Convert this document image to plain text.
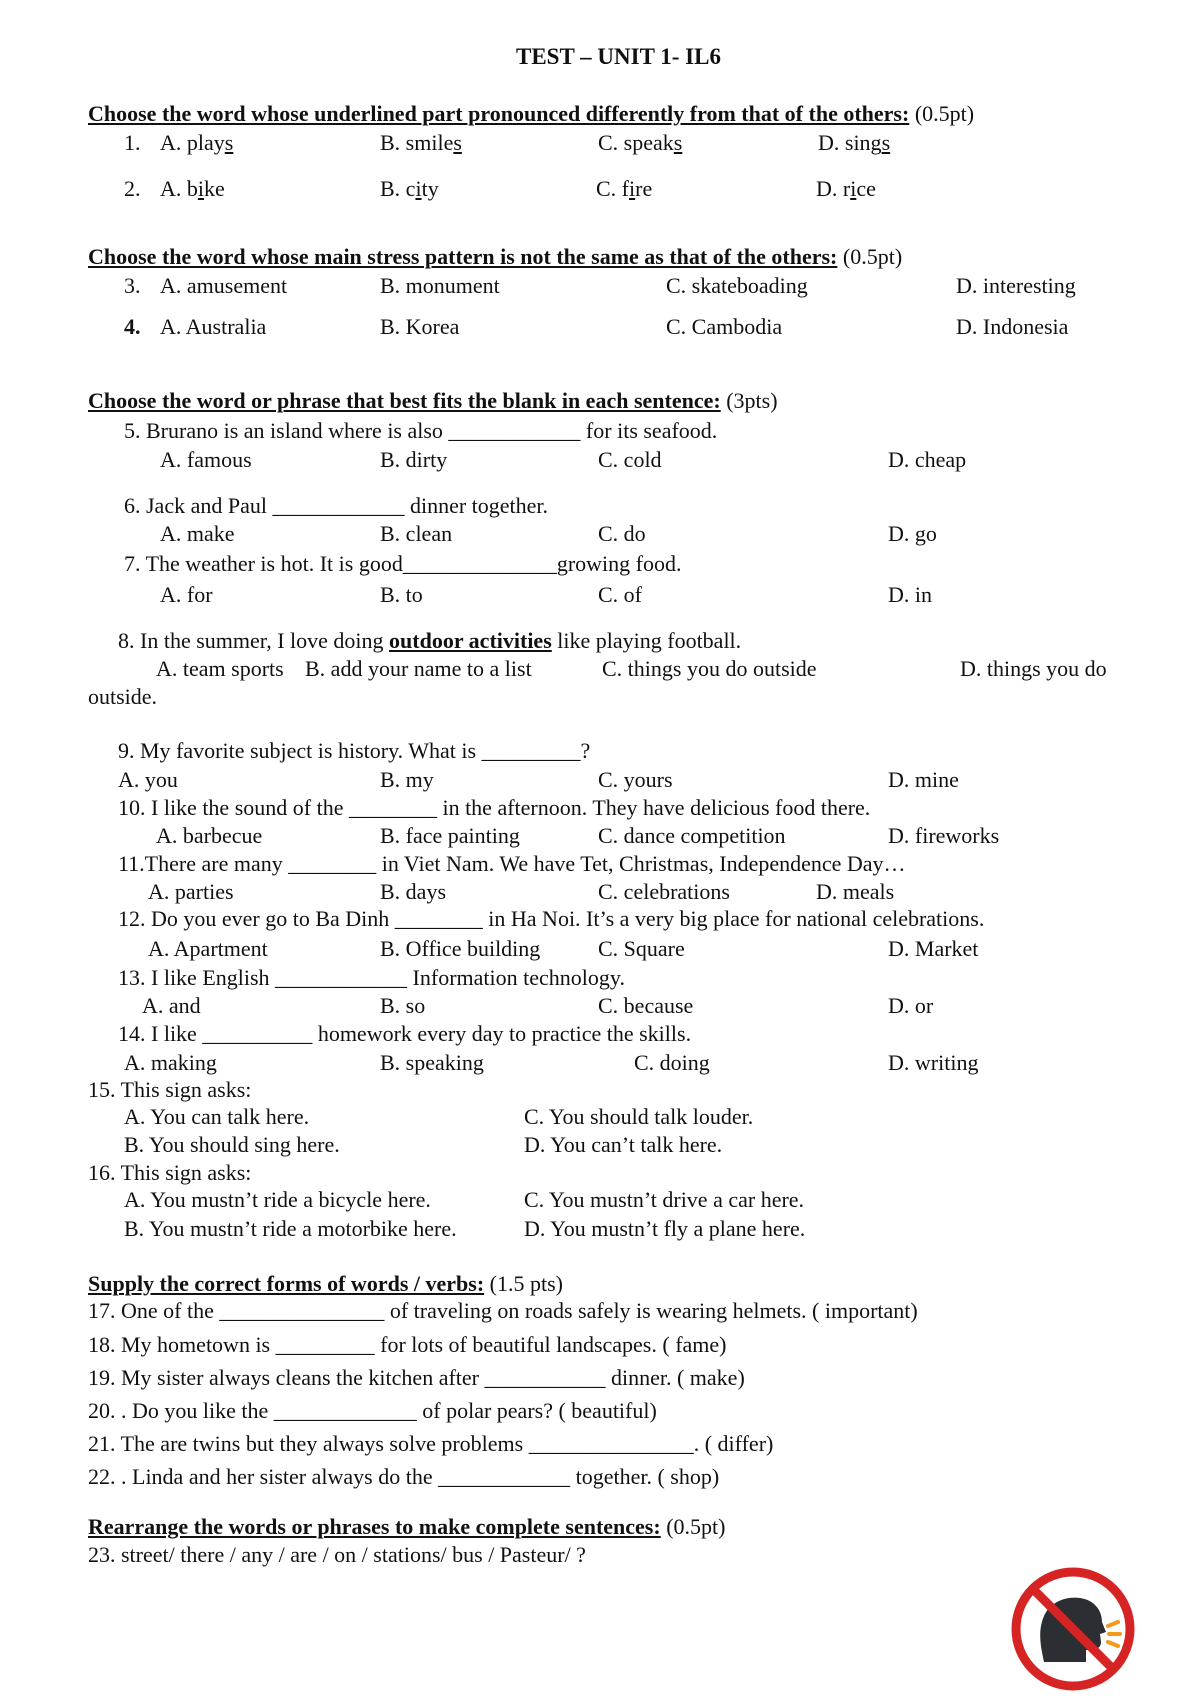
TEST – UNIT 1- IL6
Choose the word whose underlined part pronounced differently from that of the others: (0.5pt)
1. A. plays	B. smiles	C. speaks	D. sings
2. A. bike	B. city	C. fire	D. rice
Choose the word whose main stress pattern is not the same as that of the others: (0.5pt)
3. A. amusement	B. monument	C. skateboading	D. interesting
4. A. Australia	B. Korea	C. Cambodia	D. Indonesia
Choose the word or phrase that best fits the blank in each sentence: (3pts)
5. Brurano is an island where is also ____________ for its seafood.
A. famous	B. dirty	C. cold	D. cheap
6. Jack and Paul ____________ dinner together.
A. make	B. clean	C. do	D. go
7. The weather is hot. It is good______________growing food.
A. for	B. to	C. of	D. in
8. In the summer, I love doing outdoor activities like playing football.
A. team sports B. add your name to a list	C. things you do outside	D. things you do
outside.
9. My favorite subject is history. What is _________?
A. you	B. my	C. yours	D. mine
10. I like the sound of the ________ in the afternoon. They have delicious food there.
A. barbecue	B. face painting	C. dance competition	D. fireworks
11.There are many ________ in Viet Nam. We have Tet, Christmas, Independence Day…
A. parties	B. days	C. celebrations	D. meals
12. Do you ever go to Ba Dinh ________ in Ha Noi. It’s a very big place for national celebrations.
A. Apartment	B. Office building	C. Square	D. Market
13. I like English ____________ Information technology.
A. and	B. so	C. because	D. or
14. I like __________ homework every day to practice the skills.
A. making	B. speaking	C. doing	D. writing
15. This sign asks:
A. You can talk here.	C. You should talk louder.
B. You should sing here.	D. You can’t talk here.
16. This sign asks:
A. You mustn’t ride a bicycle here.	C. You mustn’t drive a car here.
B. You mustn’t ride a motorbike here.	D. You mustn’t fly a plane here.
Supply the correct forms of words / verbs: (1.5 pts)
17. One of the _______________ of traveling on roads safely is wearing helmets. ( important)
18. My hometown is _________ for lots of beautiful landscapes. ( fame)
19. My sister always cleans the kitchen after ___________ dinner. ( make)
20. . Do you like the _____________ of polar pears? ( beautiful)
21. The are twins but they always solve problems _______________. ( differ)
22. . Linda and her sister always do the ____________ together. ( shop)
Rearrange the words or phrases to make complete sentences: (0.5pt)
23. street/ there / any / are / on / stations/ bus / Pasteur/ ?
